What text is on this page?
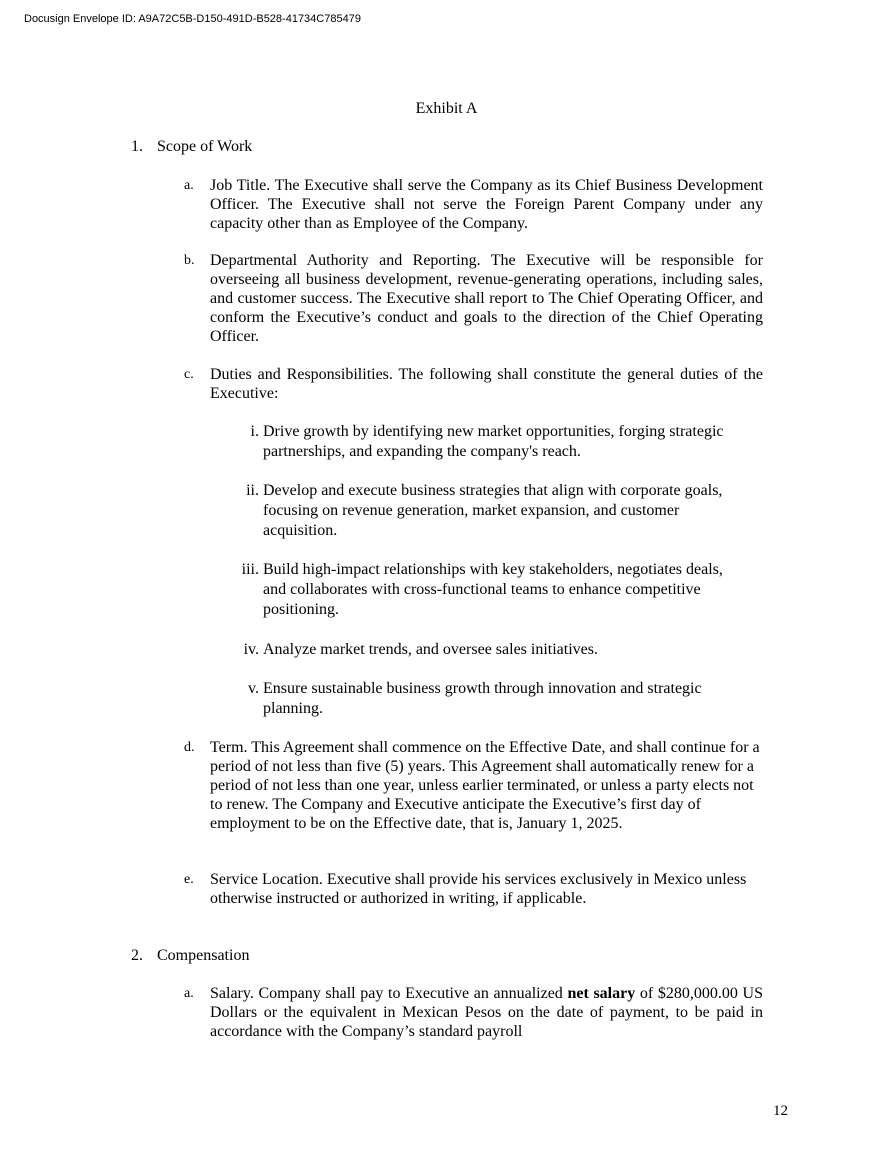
Docusign Envelope ID: A9A72C5B-D150-491D-B528-41734C785479
Exhibit A
1. Scope of Work
a. Job Title. The Executive shall serve the Company as its Chief Business Development Officer. The Executive shall not serve the Foreign Parent Company under any capacity other than as Employee of the Company.
b. Departmental Authority and Reporting. The Executive will be responsible for overseeing all business development, revenue-generating operations, including sales, and customer success. The Executive shall report to The Chief Operating Officer, and conform the Executive’s conduct and goals to the direction of the Chief Operating Officer.
c. Duties and Responsibilities. The following shall constitute the general duties of the Executive:
i. Drive growth by identifying new market opportunities, forging strategic partnerships, and expanding the company's reach.
ii. Develop and execute business strategies that align with corporate goals, focusing on revenue generation, market expansion, and customer acquisition.
iii. Build high-impact relationships with key stakeholders, negotiates deals, and collaborates with cross-functional teams to enhance competitive positioning.
iv. Analyze market trends, and oversee sales initiatives.
v. Ensure sustainable business growth through innovation and strategic planning.
d. Term. This Agreement shall commence on the Effective Date, and shall continue for a period of not less than five (5) years. This Agreement shall automatically renew for a period of not less than one year, unless earlier terminated, or unless a party elects not to renew. The Company and Executive anticipate the Executive’s first day of employment to be on the Effective date, that is, January 1, 2025.
e. Service Location. Executive shall provide his services exclusively in Mexico unless otherwise instructed or authorized in writing, if applicable.
2. Compensation
a. Salary. Company shall pay to Executive an annualized net salary of $280,000.00 US Dollars or the equivalent in Mexican Pesos on the date of payment, to be paid in accordance with the Company’s standard payroll
12
